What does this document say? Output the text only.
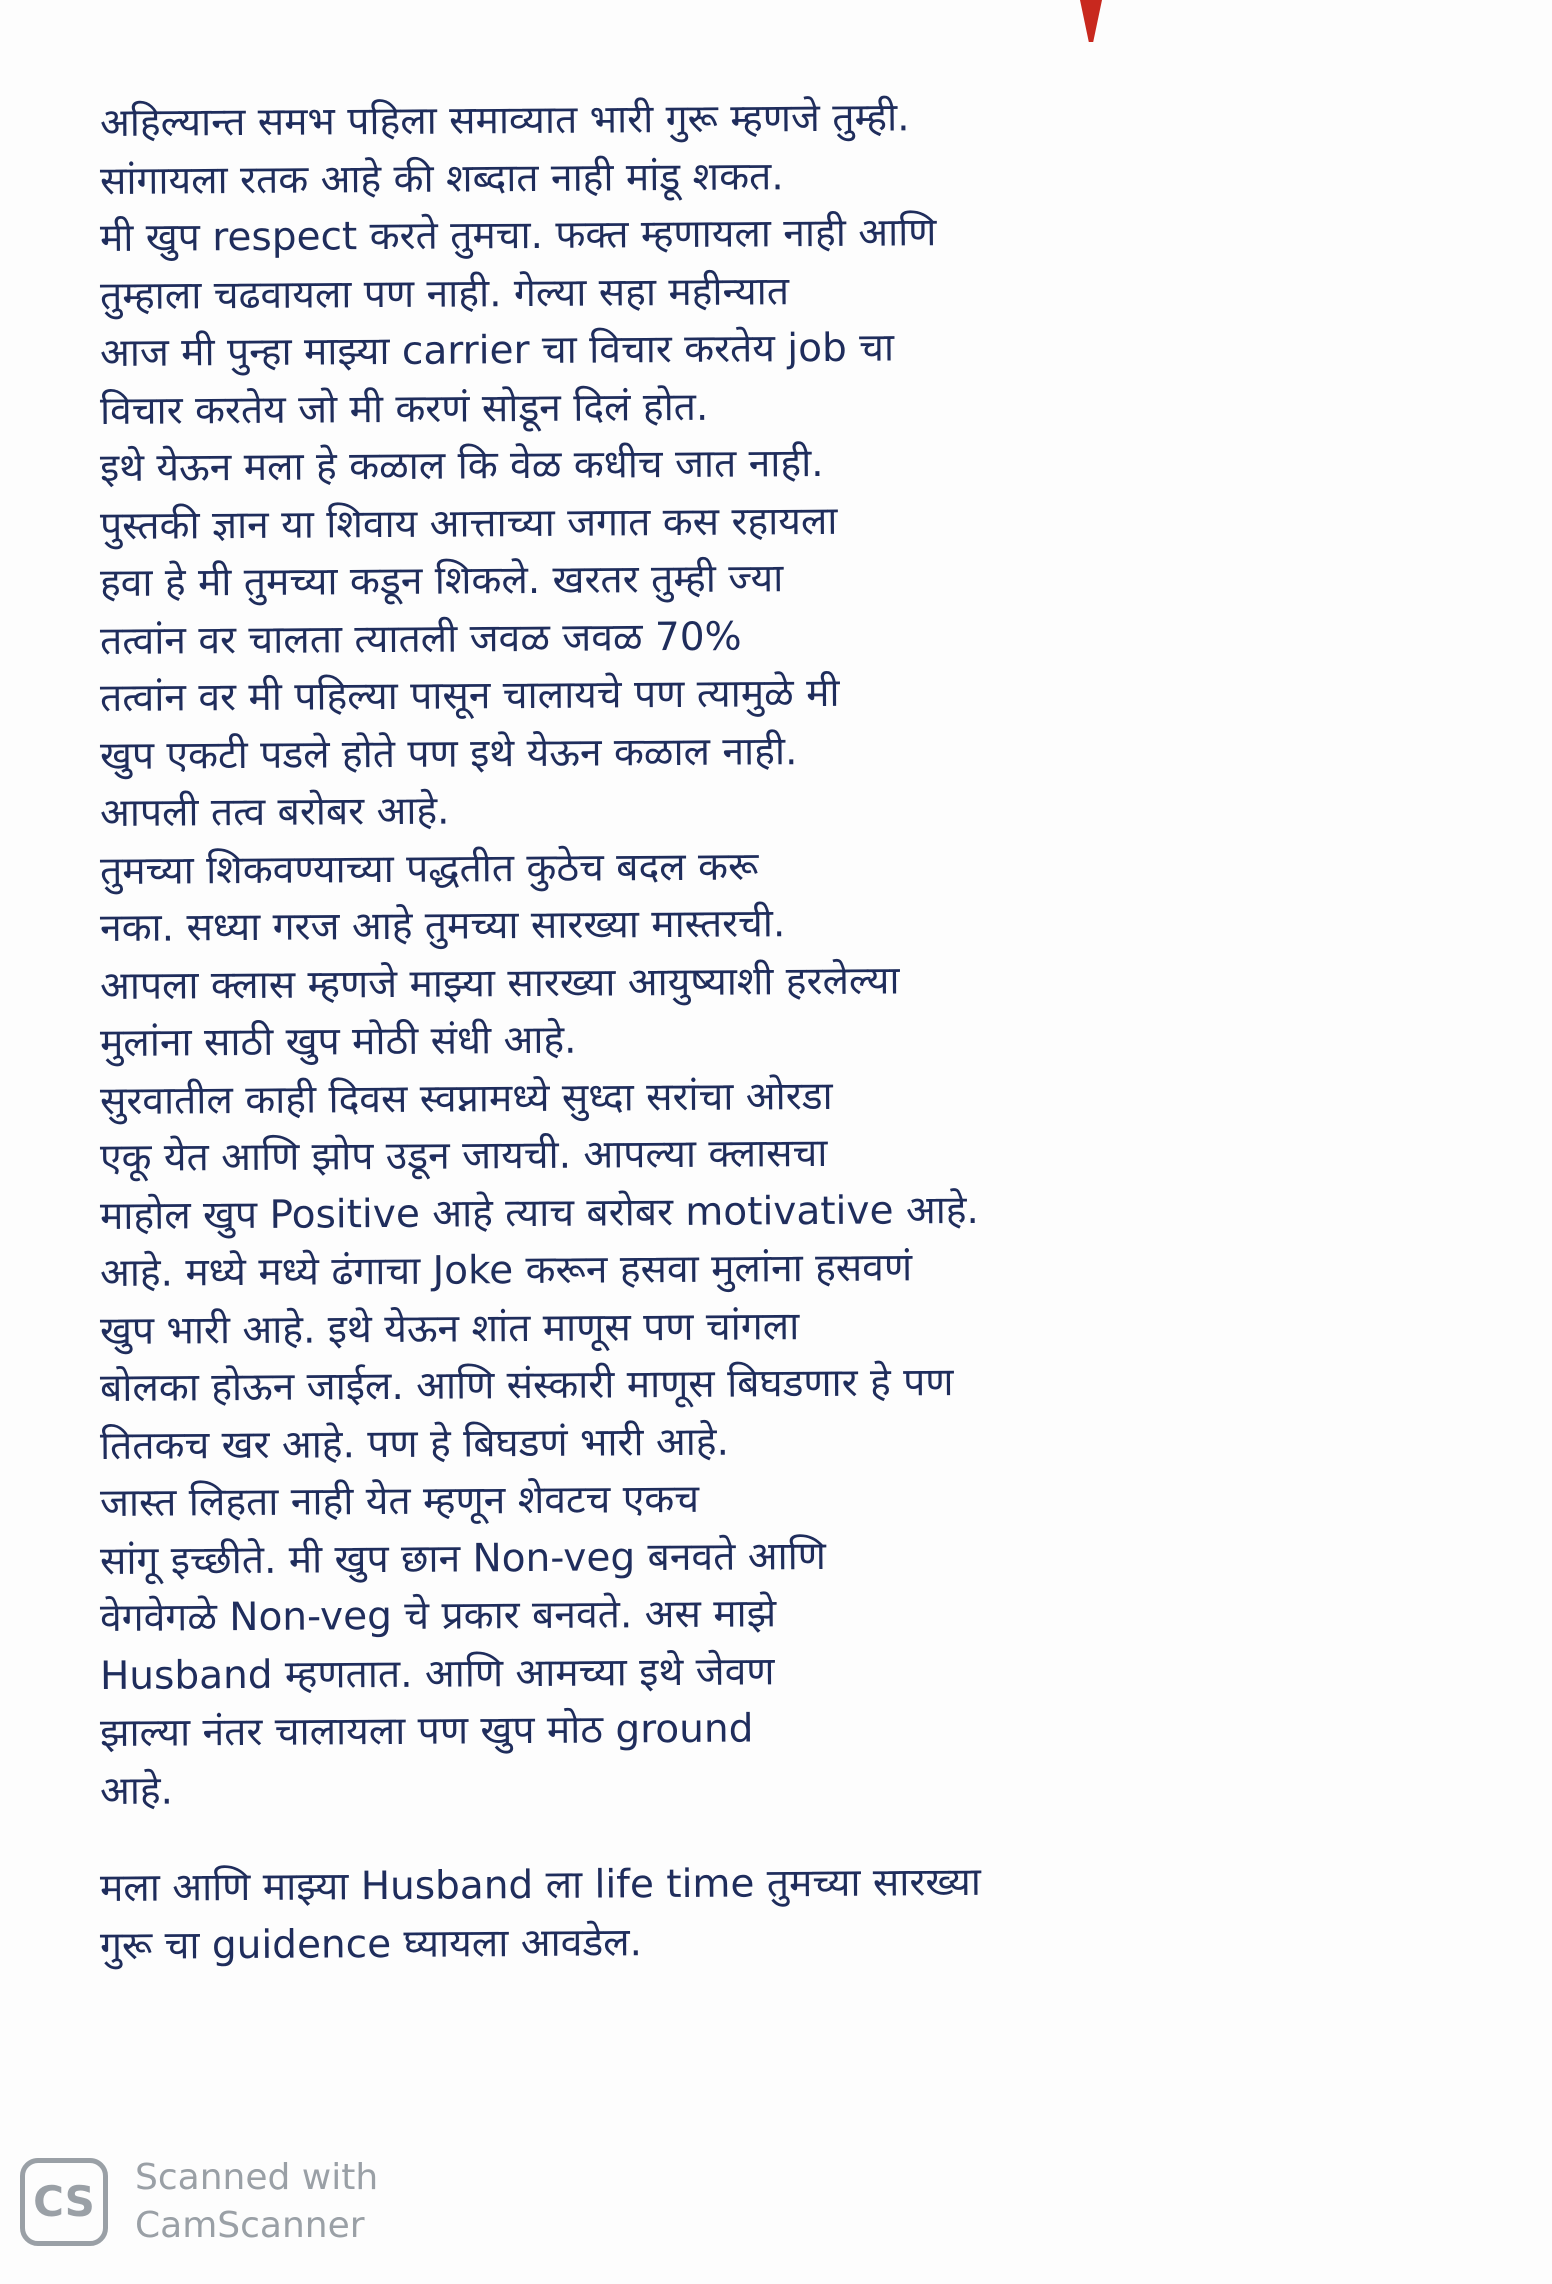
अहिल्यान्त समभ पहिला समाव्यात भारी गुरू म्हणजे तुम्ही.
सांगायला रतक आहे की शब्दात नाही मांडू शकत.
मी खुप respect करते तुमचा. फक्त म्हणायला नाही आणि
तुम्हाला चढवायला पण नाही. गेल्या सहा महीन्यात
आज मी पुन्हा माझ्या carrier चा विचार करतेय job चा
विचार करतेय जो मी करणं सोडून दिलं होत.
इथे येऊन मला हे कळाल कि वेळ कधीच जात नाही.
पुस्तकी ज्ञान या शिवाय आत्ताच्या जगात कस रहायला
हवा हे मी तुमच्या कडून शिकले. खरतर तुम्ही ज्या
तत्वांन वर चालता त्यातली जवळ जवळ 70%
तत्वांन वर मी पहिल्या पासून चालायचे पण त्यामुळे मी
खुप एकटी पडले होते पण इथे येऊन कळाल नाही.
आपली तत्व बरोबर आहे.
तुमच्या शिकवण्याच्या पद्धतीत कुठेच बदल करू
नका. सध्या गरज आहे तुमच्या सारख्या मास्तरची.
आपला क्लास म्हणजे माझ्या सारख्या आयुष्याशी हरलेल्या
मुलांना साठी खुप मोठी संधी आहे.
सुरवातील काही दिवस स्वप्नामध्ये सुध्दा सरांचा ओरडा
एकू येत आणि झोप उडून जायची. आपल्या क्लासचा
माहोल खुप Positive आहे त्याच बरोबर motivative आहे.
आहे. मध्ये मध्ये ढंगाचा Joke करून हसवा मुलांना हसवणं
खुप भारी आहे. इथे येऊन शांत माणूस पण चांगला
बोलका होऊन जाईल. आणि संस्कारी माणूस बिघडणार हे पण
तितकच खर आहे. पण हे बिघडणं भारी आहे.
जास्त लिहता नाही येत म्हणून शेवटच एकच
सांगू इच्छीते. मी खुप छान Non-veg बनवते आणि
वेगवेगळे Non-veg चे प्रकार बनवते. अस माझे
Husband म्हणतात. आणि आमच्या इथे जेवण
झाल्या नंतर चालायला पण खुप मोठ ground
आहे.
मला आणि माझ्या Husband ला life time तुमच्या सारख्या
गुरू चा guidence घ्यायला आवडेल.
CS	Scanned with
CamScanner
